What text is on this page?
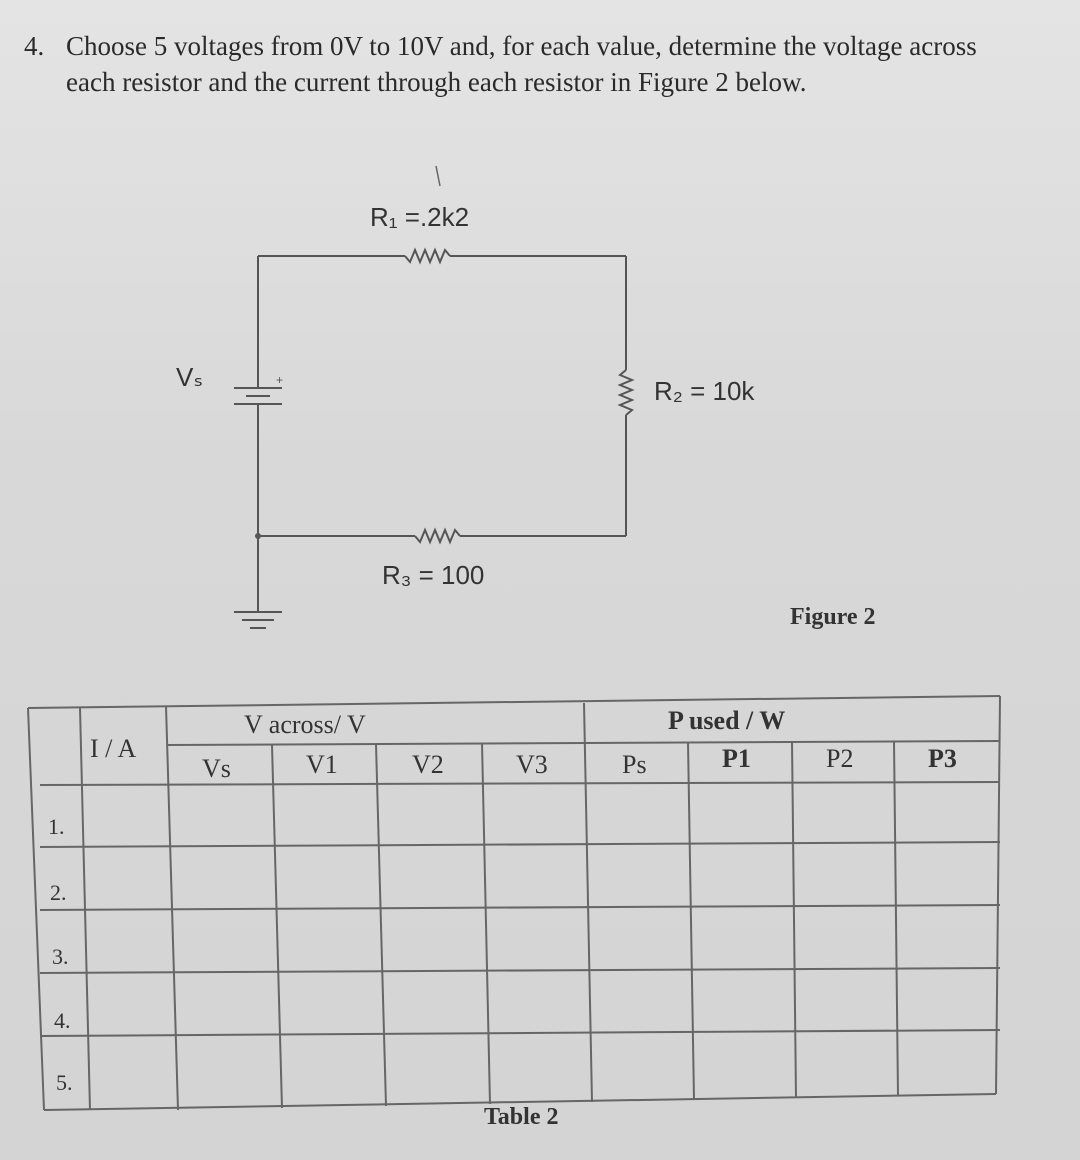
4. Choose 5 voltages from 0V to 10V and, for each value, determine the voltage across each resistor and the current through each resistor in Figure 2 below.
+
R₁ =.2k2
Vₛ	R₂ = 10k
R₃ = 100
Figure 2
I / A
V across/ V	P used / W
Vs	V1	V2	V3	Ps	P1	P2	P3
1.
2.
3.
4.
5.
Table 2
